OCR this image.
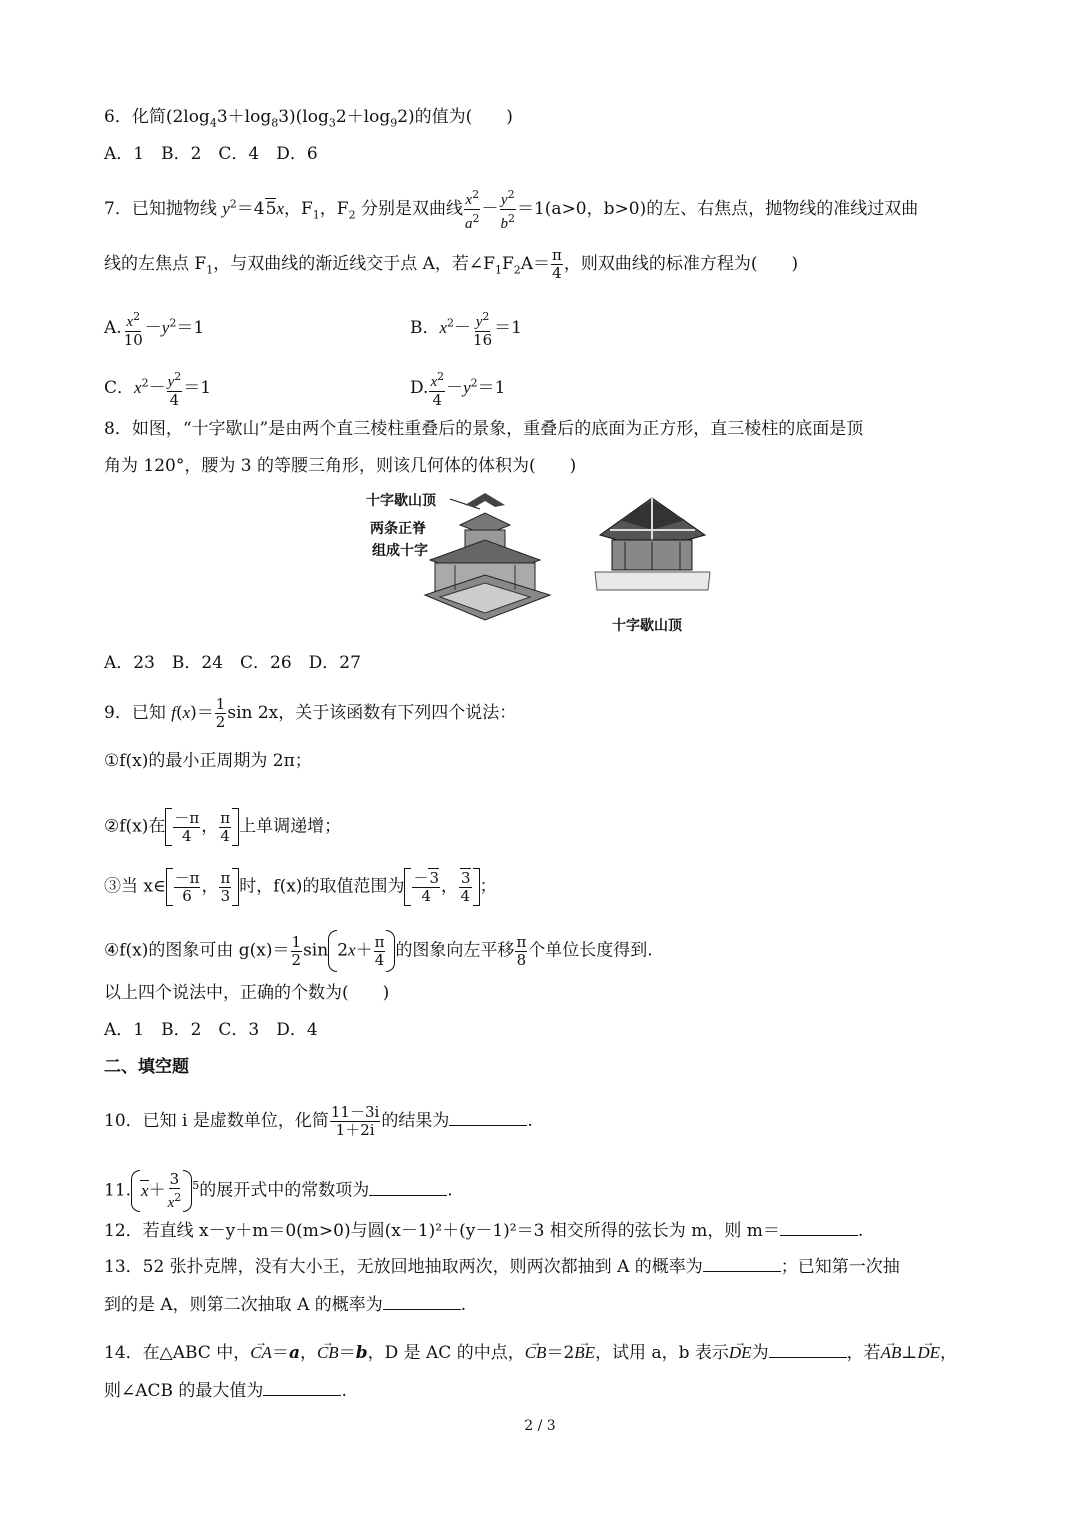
6．化简$(2\log_43+\log_83)(\log_32+\log_92)$的值为(　　)
A．1　B．2　C．4　D．6
7．已知抛物线 $y^2=45x$，$F_1$，$F_2$ 分别是双曲线 $\frac{x^2}{a^2} - \frac{y^2}{b^2} =1(a>0$，b>0)的左、右焦点，抛物线的准线过双曲
线的左焦点 $F_1$，与双曲线的渐近线交于点 A，若$\angle F_1F_2A= \frac{\pi}{4}$ ，则双曲线的标准方程为(　　)
A. $\frac{x^2}{10} -y^2=1$	B．$x^2- \frac{y^2}{16} =1$
C．$x^2- \frac{y^2}{4} =1$	D. $\frac{x^2}{4} -y^2=1$
8．如图，“十字歇山”是由两个直三棱柱重叠后的景象，重叠后的底面为正方形，直三棱柱的底面是顶
角为 120°，腰为 3 的等腰三角形，则该几何体的体积为(　　)
十字歇山顶
两条正脊
组成十字
十字歇山顶
A．23　B．24　C．26　D．27
9．已知 $f(x)= \frac{1}{2}$ sin 2x，关于该函数有下列四个说法：
①f(x)的最小正周期为 2π；
②f(x)在 $\frac{-\pi}{4}$ ， $\frac{\pi}{4}$ 上单调递增；
③当 x∈ $\frac{-\pi}{6}$ ， $\frac{\pi}{3}$ 时，f(x)的取值范围为 $\frac{-3}{4}$ ， $\frac{3}{4}$ ；
④f(x)的图象可由 $g(x)= \frac{1}{2}$ $\sin 2x+ \frac{\pi}{4}$ 的图象向左平移 $\frac{\pi}{8}$ 个单位长度得到.
以上四个说法中，正确的个数为(　　)
A．1　B．2　C．3　D．4
二、填空题
10．已知 i 是虚数单位，化简 $\frac{11-3i}{1+2i}$ 的结果为	.
11. $x+ \frac{3}{x^2} ^5$的展开式中的常数项为	.
12．若直线 x－y＋m＝0(m>0)与圆(x－1)²＋(y－1)²＝3 相交所得的弦长为 m，则 m＝	.
13．52 张扑克牌，没有大小王，无放回地抽取两次，则两次都抽到 A 的概率为	；已知第一次抽
到的是 A，则第二次抽取 A 的概率为	.
14．在△ABC 中，→ CA＝a，→ CB＝b，D 是 AC 的中点，→ CB＝2→ BE，试用 a，b 表示→ DE为	，若→ AB⊥→ DE，
则∠ACB 的最大值为	.
2 / 3
